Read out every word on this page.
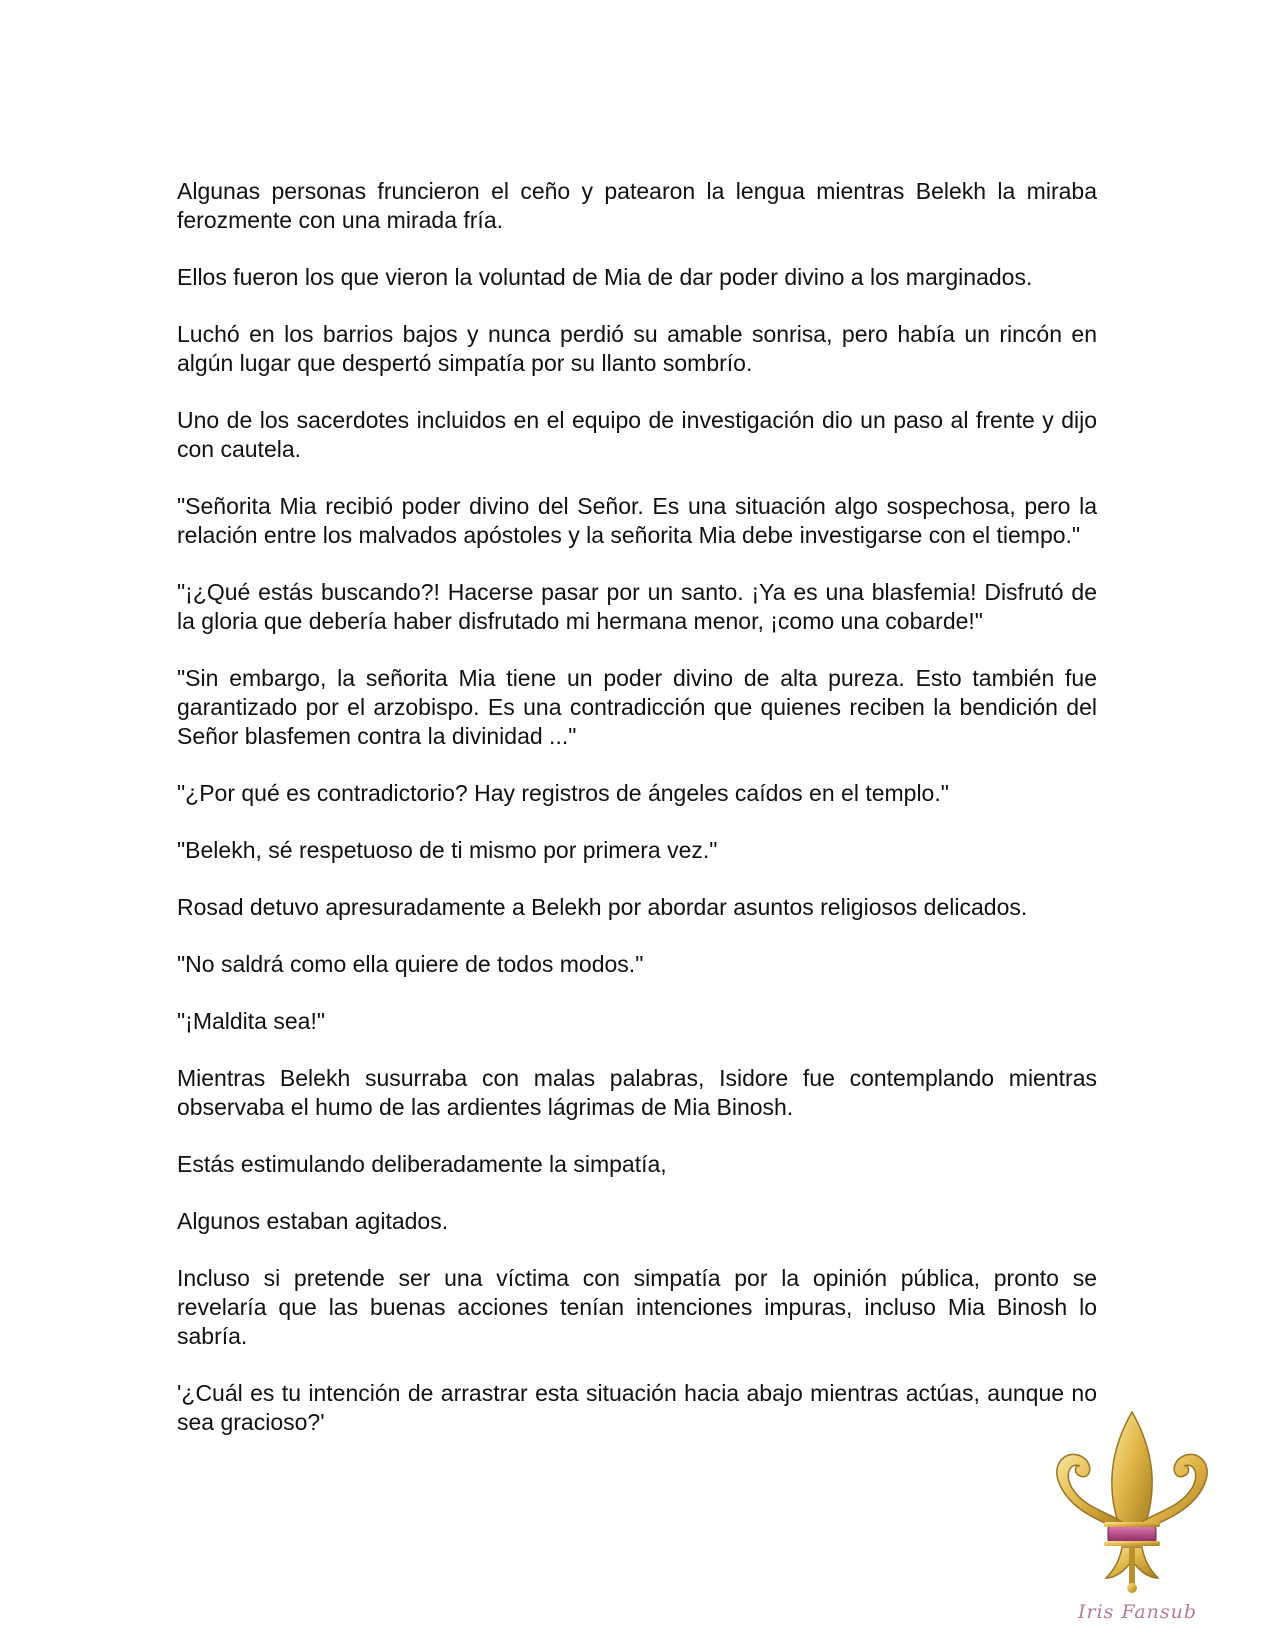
Algunas personas fruncieron el ceño y patearon la lengua mientras Belekh la miraba ferozmente con una mirada fría.

Ellos fueron los que vieron la voluntad de Mia de dar poder divino a los marginados.

Luchó en los barrios bajos y nunca perdió su amable sonrisa, pero había un rincón en algún lugar que despertó simpatía por su llanto sombrío.

Uno de los sacerdotes incluidos en el equipo de investigación dio un paso al frente y dijo con cautela.

"Señorita Mia recibió poder divino del Señor. Es una situación algo sospechosa, pero la relación entre los malvados apóstoles y la señorita Mia debe investigarse con el tiempo."

"¡¿Qué estás buscando?! Hacerse pasar por un santo. ¡Ya es una blasfemia! Disfrutó de la gloria que debería haber disfrutado mi hermana menor, ¡como una cobarde!"

"Sin embargo, la señorita Mia tiene un poder divino de alta pureza. Esto también fue garantizado por el arzobispo. Es una contradicción que quienes reciben la bendición del Señor blasfemen contra la divinidad ..."

"¿Por qué es contradictorio? Hay registros de ángeles caídos en el templo."

"Belekh, sé respetuoso de ti mismo por primera vez."

Rosad detuvo apresuradamente a Belekh por abordar asuntos religiosos delicados.

"No saldrá como ella quiere de todos modos."

"¡Maldita sea!"

Mientras Belekh susurraba con malas palabras, Isidore fue contemplando mientras observaba el humo de las ardientes lágrimas de Mia Binosh.

Estás estimulando deliberadamente la simpatía,

Algunos estaban agitados.

Incluso si pretende ser una víctima con simpatía por la opinión pública, pronto se revelaría que las buenas acciones tenían intenciones impuras, incluso Mia Binosh lo sabría.

'¿Cuál es tu intención de arrastrar esta situación hacia abajo mientras actúas, aunque no sea gracioso?'

Iris Fansub
